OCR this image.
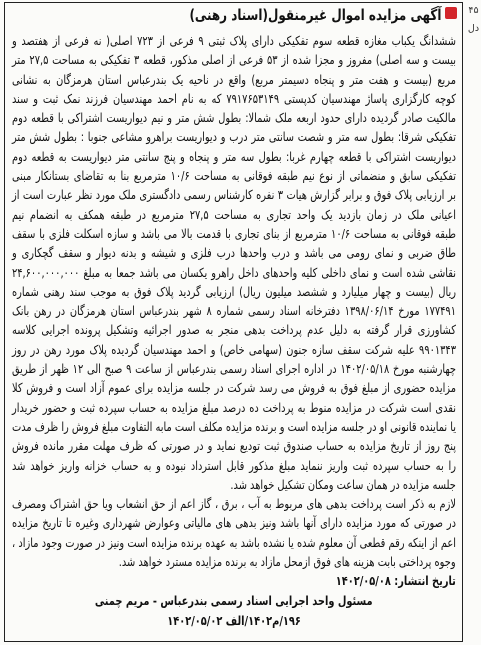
آگهی مزایده اموال غیرمنقول(اسناد رهنی)
ششدانگ یکباب مغازه قطعه سوم تفکیکی دارای پلاک ثبتی ۹ فرعی از ۷۲۳ اصلی( نه فرعی از هفتصد و
بیست و سه اصلی) مفروز و مجزا شده از ۵۳ فرعی از اصلی مذکور، قطعه ۳ تفکیکی به مساحت ۲۷,۵ متر
مربع (بیست و هفت متر و پنجاه دسیمتر مربع) واقع در ناحیه یک بندرعباس استان هرمزگان به نشانی
کوچه کارگزاری پاساژ مهندسیان کدپستی ۷۹۱۷۶۵۳۱۴۹ که به نام احمد مهندسیان فرزند نمک ثبت و سند
مالکیت صادر گردیده دارای حدود اربعه ملک شمالا: بطول شش متر و نیم دیواریست اشتراکی با قطعه دوم
تفکیکی شرقا: بطول سه متر و شصت سانتی متر درب و دیواریست براهرو مشاعی جنوبا : بطول شش متر
دیواریست اشتراکی با قطعه چهارم غربا: بطول سه متر و پنجاه و پنج سانتی متر دیواریست به قطعه دوم
تفکیکی سابق و منضماتی از نوع نیم طبقه فوقانی به مساحت ۱۰/۶ مترمربع بنا به تقاضای بستانکار مبنی
بر ارزیابی پلاک فوق و برابر گزارش هیات ۳ نفره کارشناس رسمی دادگستری ملک مورد نظر عبارت است از
اعیانی ملک در زمان بازدید یک واحد تجاری به مساحت ۲۷,۵ مترمربع در طبقه همکف به انضمام نیم
طبقه فوقانی به مساحت ۱۰/۶ مترمربع از بنای تجاری با قدمت بالا می باشد و سازه اسکلت فلزی با سقف
طاق ضربی و نمای رومی می باشد و درب واحدها درب فلزی و شیشه و بدنه دیوار و سقف گچکاری و
نقاشی شده است و نمای داخلی کلیه واحدهای داخل راهرو یکسان می باشد جمعا به مبلغ ۲۴,۶۰۰,۰۰۰,۰۰۰
ریال (بیست و چهار میلیارد و ششصد میلیون ریال) ارزیابی گردید پلاک فوق به موجب سند رهنی شماره
۱۷۷۴۹۱ مورخ ۱۳۹۸/۰۶/۱۴ دفترخانه اسناد رسمی شماره ۸ شهر بندرعباس استان هرمزگان در رهن بانک
کشاورزی قرار گرفته به دلیل عدم پرداخت بدهی منجر به صدور اجرائیه وتشکیل پرونده اجرایی کلاسه
۹۹۰۱۳۴۳ علیه شرکت سقف سازه جنون (سهامی خاص) و احمد مهندسیان گردیده پلاک مورد رهن در روز
چهارشنبه مورخ ۱۴۰۲/۰۵/۱۸ در اداره اجرای اسناد رسمی بندرعباس از ساعت ۹ صبح الی ۱۲ ظهر از طریق
مزایده حضوری از مبلغ فوق به فروش می رسد شرکت در جلسه مزایده برای عموم آزاد است و فروش کلا
نقدی است شرکت در مزایده منوط به پرداخت ده درصد مبلغ مزایده به حساب سپرده ثبت و حضور خریدار
یا نماینده قانونی او در جلسه مزایده است و برنده مزایده مکلف است مابه التفاوت مبلغ فروش را ظرف مدت
پنج روز از تاریخ مزایده به حساب صندوق ثبت تودیع نماید و در صورتی که ظرف مهلت مقرر مانده فروش
را به حساب سپرده ثبت واریز ننماید مبلغ مذکور قابل استرداد نبوده و به حساب خزانه واریز خواهد شد
جلسه مزایده در همان ساعت ومکان تشکیل خواهد شد.
لازم به ذکر است پرداخت بدهی های مربوط به آب ، برق ، گاز اعم از حق انشعاب ویا حق اشتراک ومصرف
در صورتی که مورد مزایده دارای آنها باشد ونیز بدهی های مالیاتی وعوارض شهرداری وغیره تا تاریخ مزایده
اعم از اینکه رقم قطعی آن معلوم شده یا نشده باشد به عهده برنده مزایده است ونیز در صورت وجود مازاد ،
وجوه پرداختی بابت هزینه های فوق ازمحل مازاد به برنده مزایده مسترد خواهد شد.
تاریخ انتشار: ۱۴۰۲/۰۵/۰۸
مسئول واحد اجرایی اسناد رسمی بندرعباس - مریم چمنی
۱۹۶/م۱۴۰۲/الف ۱۴۰۲/۰۵/۰۲
۴۵
دل
